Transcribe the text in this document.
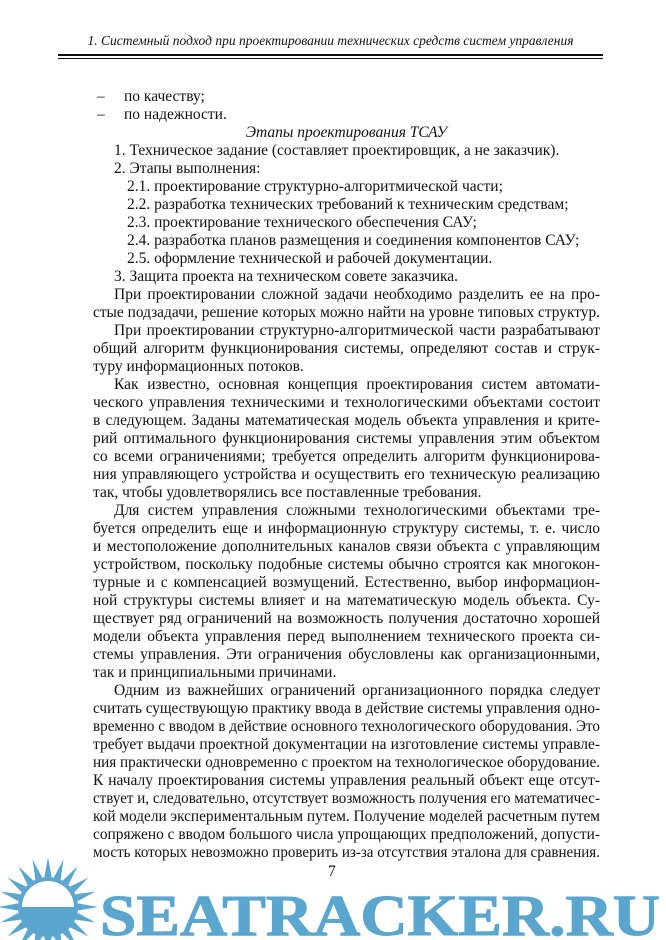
1. Системный подход при проектировании технических средств систем управления
– по качеству;
– по надежности.
Этапы проектирования ТСАУ
1. Техническое задание (составляет проектировщик, а не заказчик).
2. Этапы выполнения:
2.1. проектирование структурно-алгоритмической части;
2.2. разработка технических требований к техническим средствам;
2.3. проектирование технического обеспечения САУ;
2.4. разработка планов размещения и соединения компонентов САУ;
2.5. оформление технической и рабочей документации.
3. Защита проекта на техническом совете заказчика.
При проектировании сложной задачи необходимо разделить ее на про-
стые подзадачи, решение которых можно найти на уровне типовых структур.
При проектировании структурно-алгоритмической части разрабатывают
общий алгоритм функционирования системы, определяют состав и струк-
туру информационных потоков.
Как известно, основная концепция проектирования систем автомати-
ческого управления техническими и технологическими объектами состоит
в следующем. Заданы математическая модель объекта управления и крите-
рий оптимального функционирования системы управления этим объектом
со всеми ограничениями; требуется определить алгоритм функционирова-
ния управляющего устройства и осуществить его техническую реализацию
так, чтобы удовлетворялись все поставленные требования.
Для систем управления сложными технологическими объектами тре-
буется определить еще и информационную структуру системы, т. е. число
и местоположение дополнительных каналов связи объекта с управляющим
устройством, поскольку подобные системы обычно строятся как многокон-
турные и с компенсацией возмущений. Естественно, выбор информацион-
ной структуры системы влияет и на математическую модель объекта. Су-
ществует ряд ограничений на возможность получения достаточно хорошей
модели объекта управления перед выполнением технического проекта си-
стемы управления. Эти ограничения обусловлены как организационными,
так и принципиальными причинами.
Одним из важнейших ограничений организационного порядка следует
считать существующую практику ввода в действие системы управления одно-
временно с вводом в действие основного технологического оборудования. Это
требует выдачи проектной документации на изготовление системы управле-
ния практически одновременно с проектом на технологическое оборудование.
К началу проектирования системы управления реальный объект еще отсут-
ствует и, следовательно, отсутствует возможность получения его математичес-
кой модели экспериментальным путем. Получение моделей расчетным путем
сопряжено с вводом большого числа упрощающих предположений, допусти-
мость которых невозможно проверить из-за отсутствия эталона для сравнения.
SEATRACKER.RU
7
